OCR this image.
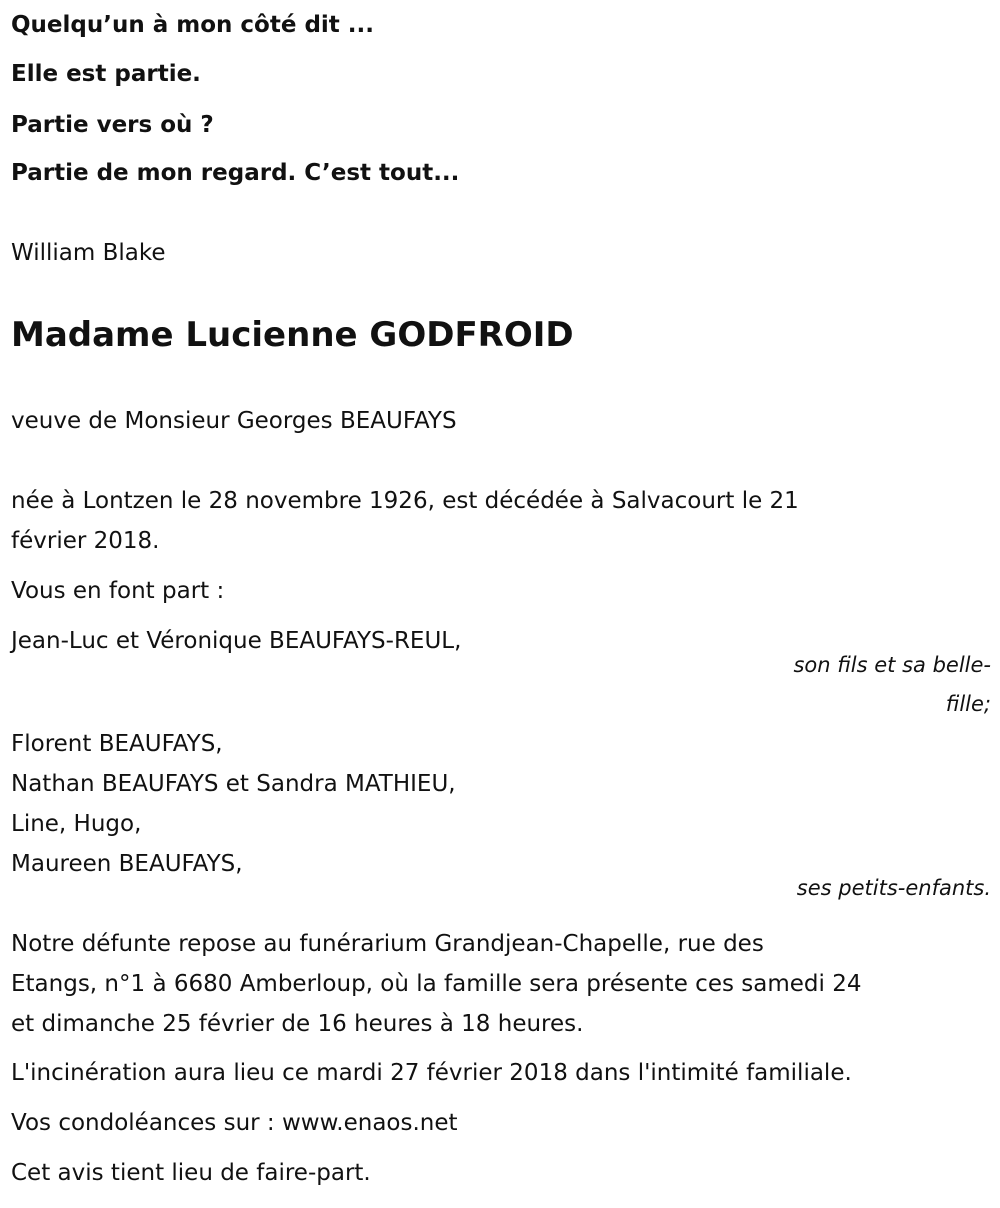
Quelqu’un à mon côté dit ...
Elle est partie.
Partie vers où ?
Partie de mon regard. C’est tout...
William Blake
Madame Lucienne GODFROID
veuve de Monsieur Georges BEAUFAYS
née à Lontzen le 28 novembre 1926, est décédée à Salvacourt le 21
février 2018.
Vous en font part :
Jean-Luc et Véronique BEAUFAYS-REUL,
son fils et sa belle-
fille;
Florent BEAUFAYS,
Nathan BEAUFAYS et Sandra MATHIEU,
Line, Hugo,
Maureen BEAUFAYS,
ses petits-enfants.
Notre défunte repose au funérarium Grandjean-Chapelle, rue des
Etangs, n°1 à 6680 Amberloup, où la famille sera présente ces samedi 24
et dimanche 25 février de 16 heures à 18 heures.
L'incinération aura lieu ce mardi 27 février 2018 dans l'intimité familiale.
Vos condoléances sur : www.enaos.net
Cet avis tient lieu de faire-part.
